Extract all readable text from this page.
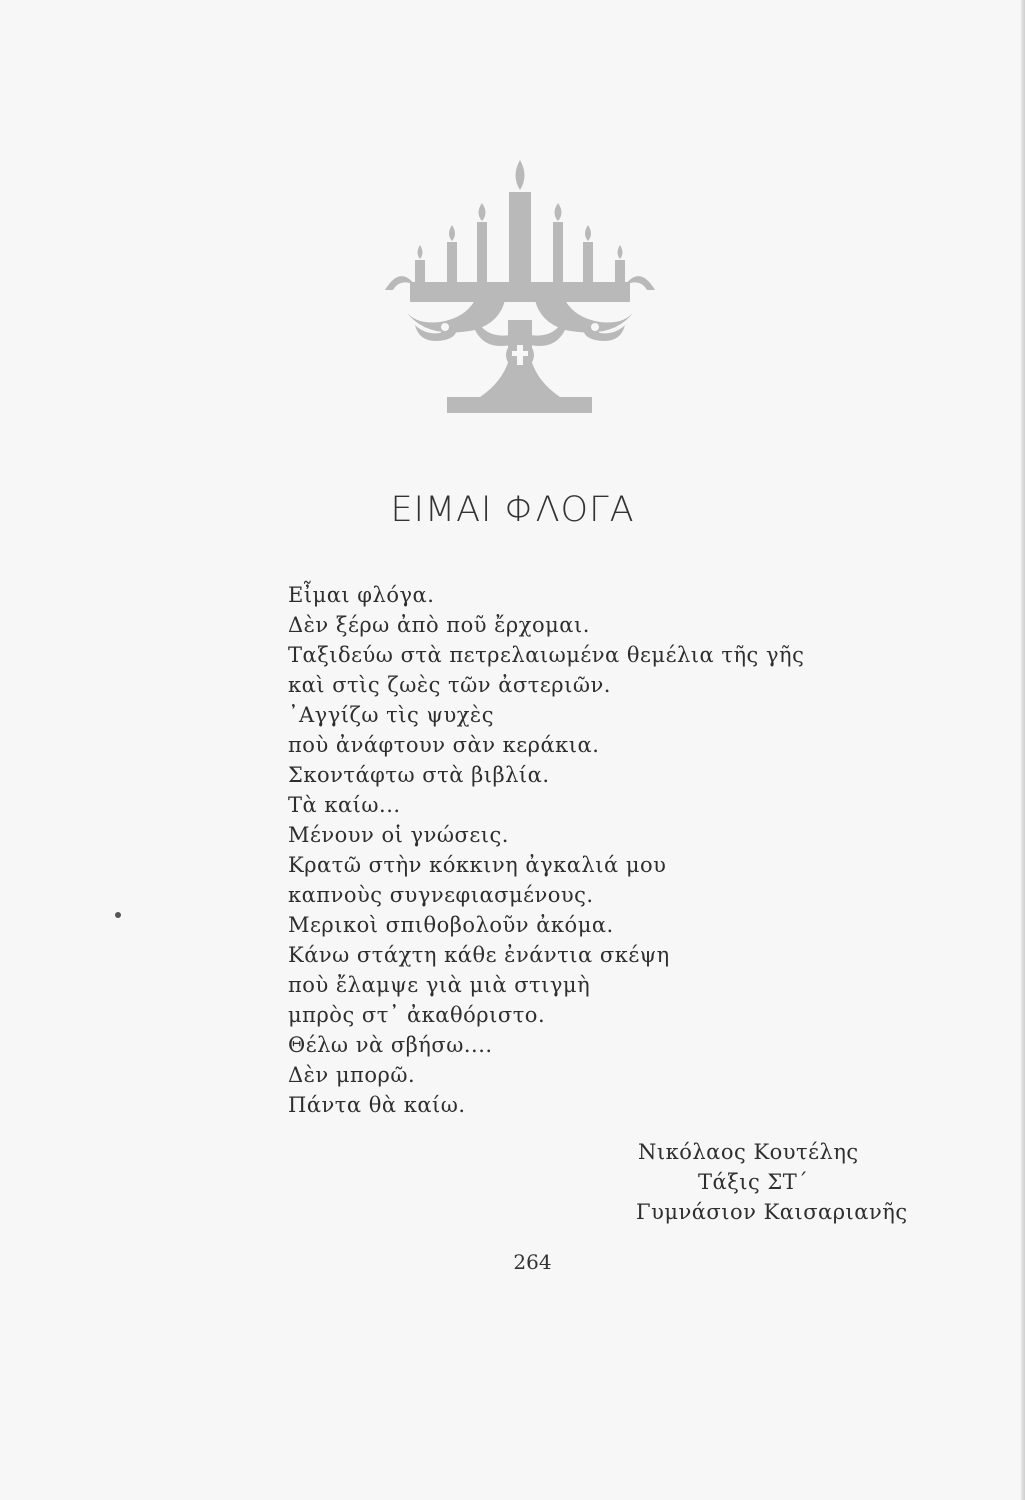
ΕΙΜΑΙ ΦΛΟΓΑ
Εἶμαι φλόγα.
Δὲν ξέρω ἀπὸ ποῦ ἔρχομαι.
Ταξιδεύω στὰ πετρελαιωμένα θεμέλια τῆς γῆς
καὶ στὶς ζωὲς τῶν ἀστεριῶν.
᾿Αγγίζω τὶς ψυχὲς
ποὺ ἀνάφτουν σὰν κεράκια.
Σκοντάφτω στὰ βιβλία.
Τὰ καίω...
Μένουν οἱ γνώσεις.
Κρατῶ στὴν κόκκινη ἀγκαλιά μου
καπνοὺς συγνεφιασμένους.
Μερικοὶ σπιθοβολοῦν ἀκόμα.
Κάνω στάχτη κάθε ἐνάντια σκέψη
ποὺ ἔλαμψε γιὰ μιὰ στιγμὴ
μπρὸς στ᾿ ἀκαθόριστο.
Θέλω νὰ σβήσω....
Δὲν μπορῶ.
Πάντα θὰ καίω.
Νικόλαος Κουτέλης
Τάξις ΣΤ΄
Γυμνάσιον Καισαριανῆς
264
